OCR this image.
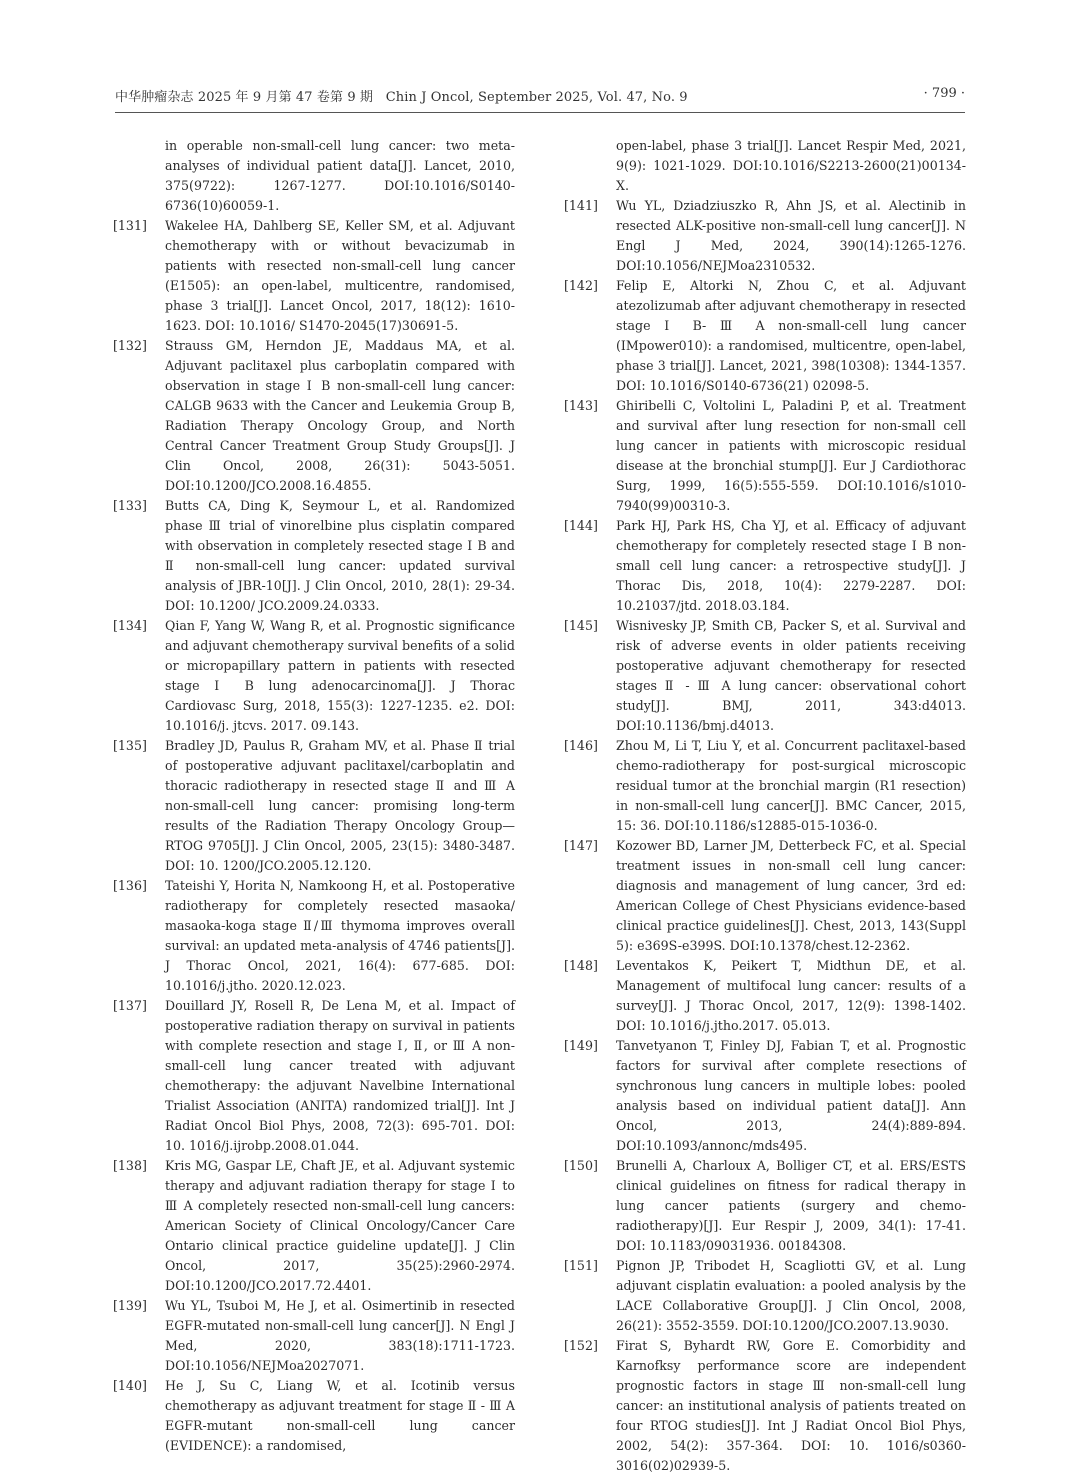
中华肿瘤杂志 2025 年 9 月第 47 卷第 9 期 Chin J Oncol, September 2025, Vol. 47, No. 9	· 799 ·
in operable non-small-cell lung cancer: two meta-analyses of individual patient data[J]. Lancet, 2010, 375(9722): 1267-1277. DOI:10.1016/S0140-6736(10)60059-1.
[131] Wakelee HA, Dahlberg SE, Keller SM, et al. Adjuvant chemotherapy with or without bevacizumab in patients with resected non-small-cell lung cancer (E1505): an open-label, multicentre, randomised, phase 3 trial[J]. Lancet Oncol, 2017, 18(12): 1610-1623. DOI: 10.1016/ S1470-2045(17)30691-5.
[132] Strauss GM, Herndon JE, Maddaus MA, et al. Adjuvant paclitaxel plus carboplatin compared with observation in stage Ⅰ B non-small-cell lung cancer: CALGB 9633 with the Cancer and Leukemia Group B, Radiation Therapy Oncology Group, and North Central Cancer Treatment Group Study Groups[J]. J Clin Oncol, 2008, 26(31): 5043-5051. DOI:10.1200/JCO.2008.16.4855.
[133] Butts CA, Ding K, Seymour L, et al. Randomized phase Ⅲ trial of vinorelbine plus cisplatin compared with observation in completely resected stage Ⅰ B and Ⅱ non-small-cell lung cancer: updated survival analysis of JBR-10[J]. J Clin Oncol, 2010, 28(1): 29-34. DOI: 10.1200/ JCO.2009.24.0333.
[134] Qian F, Yang W, Wang R, et al. Prognostic significance and adjuvant chemotherapy survival benefits of a solid or micropapillary pattern in patients with resected stage Ⅰ B lung adenocarcinoma[J]. J Thorac Cardiovasc Surg, 2018, 155(3): 1227-1235. e2. DOI: 10.1016/j. jtcvs. 2017. 09.143.
[135] Bradley JD, Paulus R, Graham MV, et al. Phase Ⅱ trial of postoperative adjuvant paclitaxel/carboplatin and thoracic radiotherapy in resected stage Ⅱ and Ⅲ A non-small-cell lung cancer: promising long-term results of the Radiation Therapy Oncology Group—RTOG 9705[J]. J Clin Oncol, 2005, 23(15): 3480-3487. DOI: 10. 1200/JCO.2005.12.120.
[136] Tateishi Y, Horita N, Namkoong H, et al. Postoperative radiotherapy for completely resected masaoka/ masaoka-koga stage Ⅱ/Ⅲ thymoma improves overall survival: an updated meta-analysis of 4746 patients[J]. J Thorac Oncol, 2021, 16(4): 677-685. DOI: 10.1016/j.jtho. 2020.12.023.
[137] Douillard JY, Rosell R, De Lena M, et al. Impact of postoperative radiation therapy on survival in patients with complete resection and stage Ⅰ, Ⅱ, or Ⅲ A non-small-cell lung cancer treated with adjuvant chemotherapy: the adjuvant Navelbine International Trialist Association (ANITA) randomized trial[J]. Int J Radiat Oncol Biol Phys, 2008, 72(3): 695-701. DOI: 10. 1016/j.ijrobp.2008.01.044.
[138] Kris MG, Gaspar LE, Chaft JE, et al. Adjuvant systemic therapy and adjuvant radiation therapy for stage Ⅰ to Ⅲ A completely resected non-small-cell lung cancers: American Society of Clinical Oncology/Cancer Care Ontario clinical practice guideline update[J]. J Clin Oncol, 2017, 35(25):2960-2974. DOI:10.1200/JCO.2017.72.4401.
[139] Wu YL, Tsuboi M, He J, et al. Osimertinib in resected EGFR-mutated non-small-cell lung cancer[J]. N Engl J Med, 2020, 383(18):1711-1723. DOI:10.1056/NEJMoa2027071.
[140] He J, Su C, Liang W, et al. Icotinib versus chemotherapy as adjuvant treatment for stage Ⅱ - Ⅲ A EGFR-mutant non-small-cell lung cancer (EVIDENCE): a randomised,
open-label, phase 3 trial[J]. Lancet Respir Med, 2021, 9(9): 1021-1029. DOI:10.1016/S2213-2600(21)00134-X.
[141] Wu YL, Dziadziuszko R, Ahn JS, et al. Alectinib in resected ALK-positive non-small-cell lung cancer[J]. N Engl J Med, 2024, 390(14):1265-1276. DOI:10.1056/NEJMoa2310532.
[142] Felip E, Altorki N, Zhou C, et al. Adjuvant atezolizumab after adjuvant chemotherapy in resected stage Ⅰ B- Ⅲ A non-small-cell lung cancer (IMpower010): a randomised, multicentre, open-label, phase 3 trial[J]. Lancet, 2021, 398(10308): 1344-1357. DOI: 10.1016/S0140-6736(21) 02098-5.
[143] Ghiribelli C, Voltolini L, Paladini P, et al. Treatment and survival after lung resection for non-small cell lung cancer in patients with microscopic residual disease at the bronchial stump[J]. Eur J Cardiothorac Surg, 1999, 16(5):555-559. DOI:10.1016/s1010-7940(99)00310-3.
[144] Park HJ, Park HS, Cha YJ, et al. Efficacy of adjuvant chemotherapy for completely resected stage Ⅰ B non-small cell lung cancer: a retrospective study[J]. J Thorac Dis, 2018, 10(4): 2279-2287. DOI: 10.21037/jtd. 2018.03.184.
[145] Wisnivesky JP, Smith CB, Packer S, et al. Survival and risk of adverse events in older patients receiving postoperative adjuvant chemotherapy for resected stages Ⅱ - Ⅲ A lung cancer: observational cohort study[J]. BMJ, 2011, 343:d4013. DOI:10.1136/bmj.d4013.
[146] Zhou M, Li T, Liu Y, et al. Concurrent paclitaxel-based chemo-radiotherapy for post-surgical microscopic residual tumor at the bronchial margin (R1 resection) in non-small-cell lung cancer[J]. BMC Cancer, 2015, 15: 36. DOI:10.1186/s12885-015-1036-0.
[147] Kozower BD, Larner JM, Detterbeck FC, et al. Special treatment issues in non-small cell lung cancer: diagnosis and management of lung cancer, 3rd ed: American College of Chest Physicians evidence-based clinical practice guidelines[J]. Chest, 2013, 143(Suppl 5): e369S-e399S. DOI:10.1378/chest.12-2362.
[148] Leventakos K, Peikert T, Midthun DE, et al. Management of multifocal lung cancer: results of a survey[J]. J Thorac Oncol, 2017, 12(9): 1398-1402. DOI: 10.1016/j.jtho.2017. 05.013.
[149] Tanvetyanon T, Finley DJ, Fabian T, et al. Prognostic factors for survival after complete resections of synchronous lung cancers in multiple lobes: pooled analysis based on individual patient data[J]. Ann Oncol, 2013, 24(4):889-894. DOI:10.1093/annonc/mds495.
[150] Brunelli A, Charloux A, Bolliger CT, et al. ERS/ESTS clinical guidelines on fitness for radical therapy in lung cancer patients (surgery and chemo-radiotherapy)[J]. Eur Respir J, 2009, 34(1): 17-41. DOI: 10.1183/09031936. 00184308.
[151] Pignon JP, Tribodet H, Scagliotti GV, et al. Lung adjuvant cisplatin evaluation: a pooled analysis by the LACE Collaborative Group[J]. J Clin Oncol, 2008, 26(21): 3552-3559. DOI:10.1200/JCO.2007.13.9030.
[152] Firat S, Byhardt RW, Gore E. Comorbidity and Karnofksy performance score are independent prognostic factors in stage Ⅲ non-small-cell lung cancer: an institutional analysis of patients treated on four RTOG studies[J]. Int J Radiat Oncol Biol Phys, 2002, 54(2): 357-364. DOI: 10. 1016/s0360-3016(02)02939-5.
